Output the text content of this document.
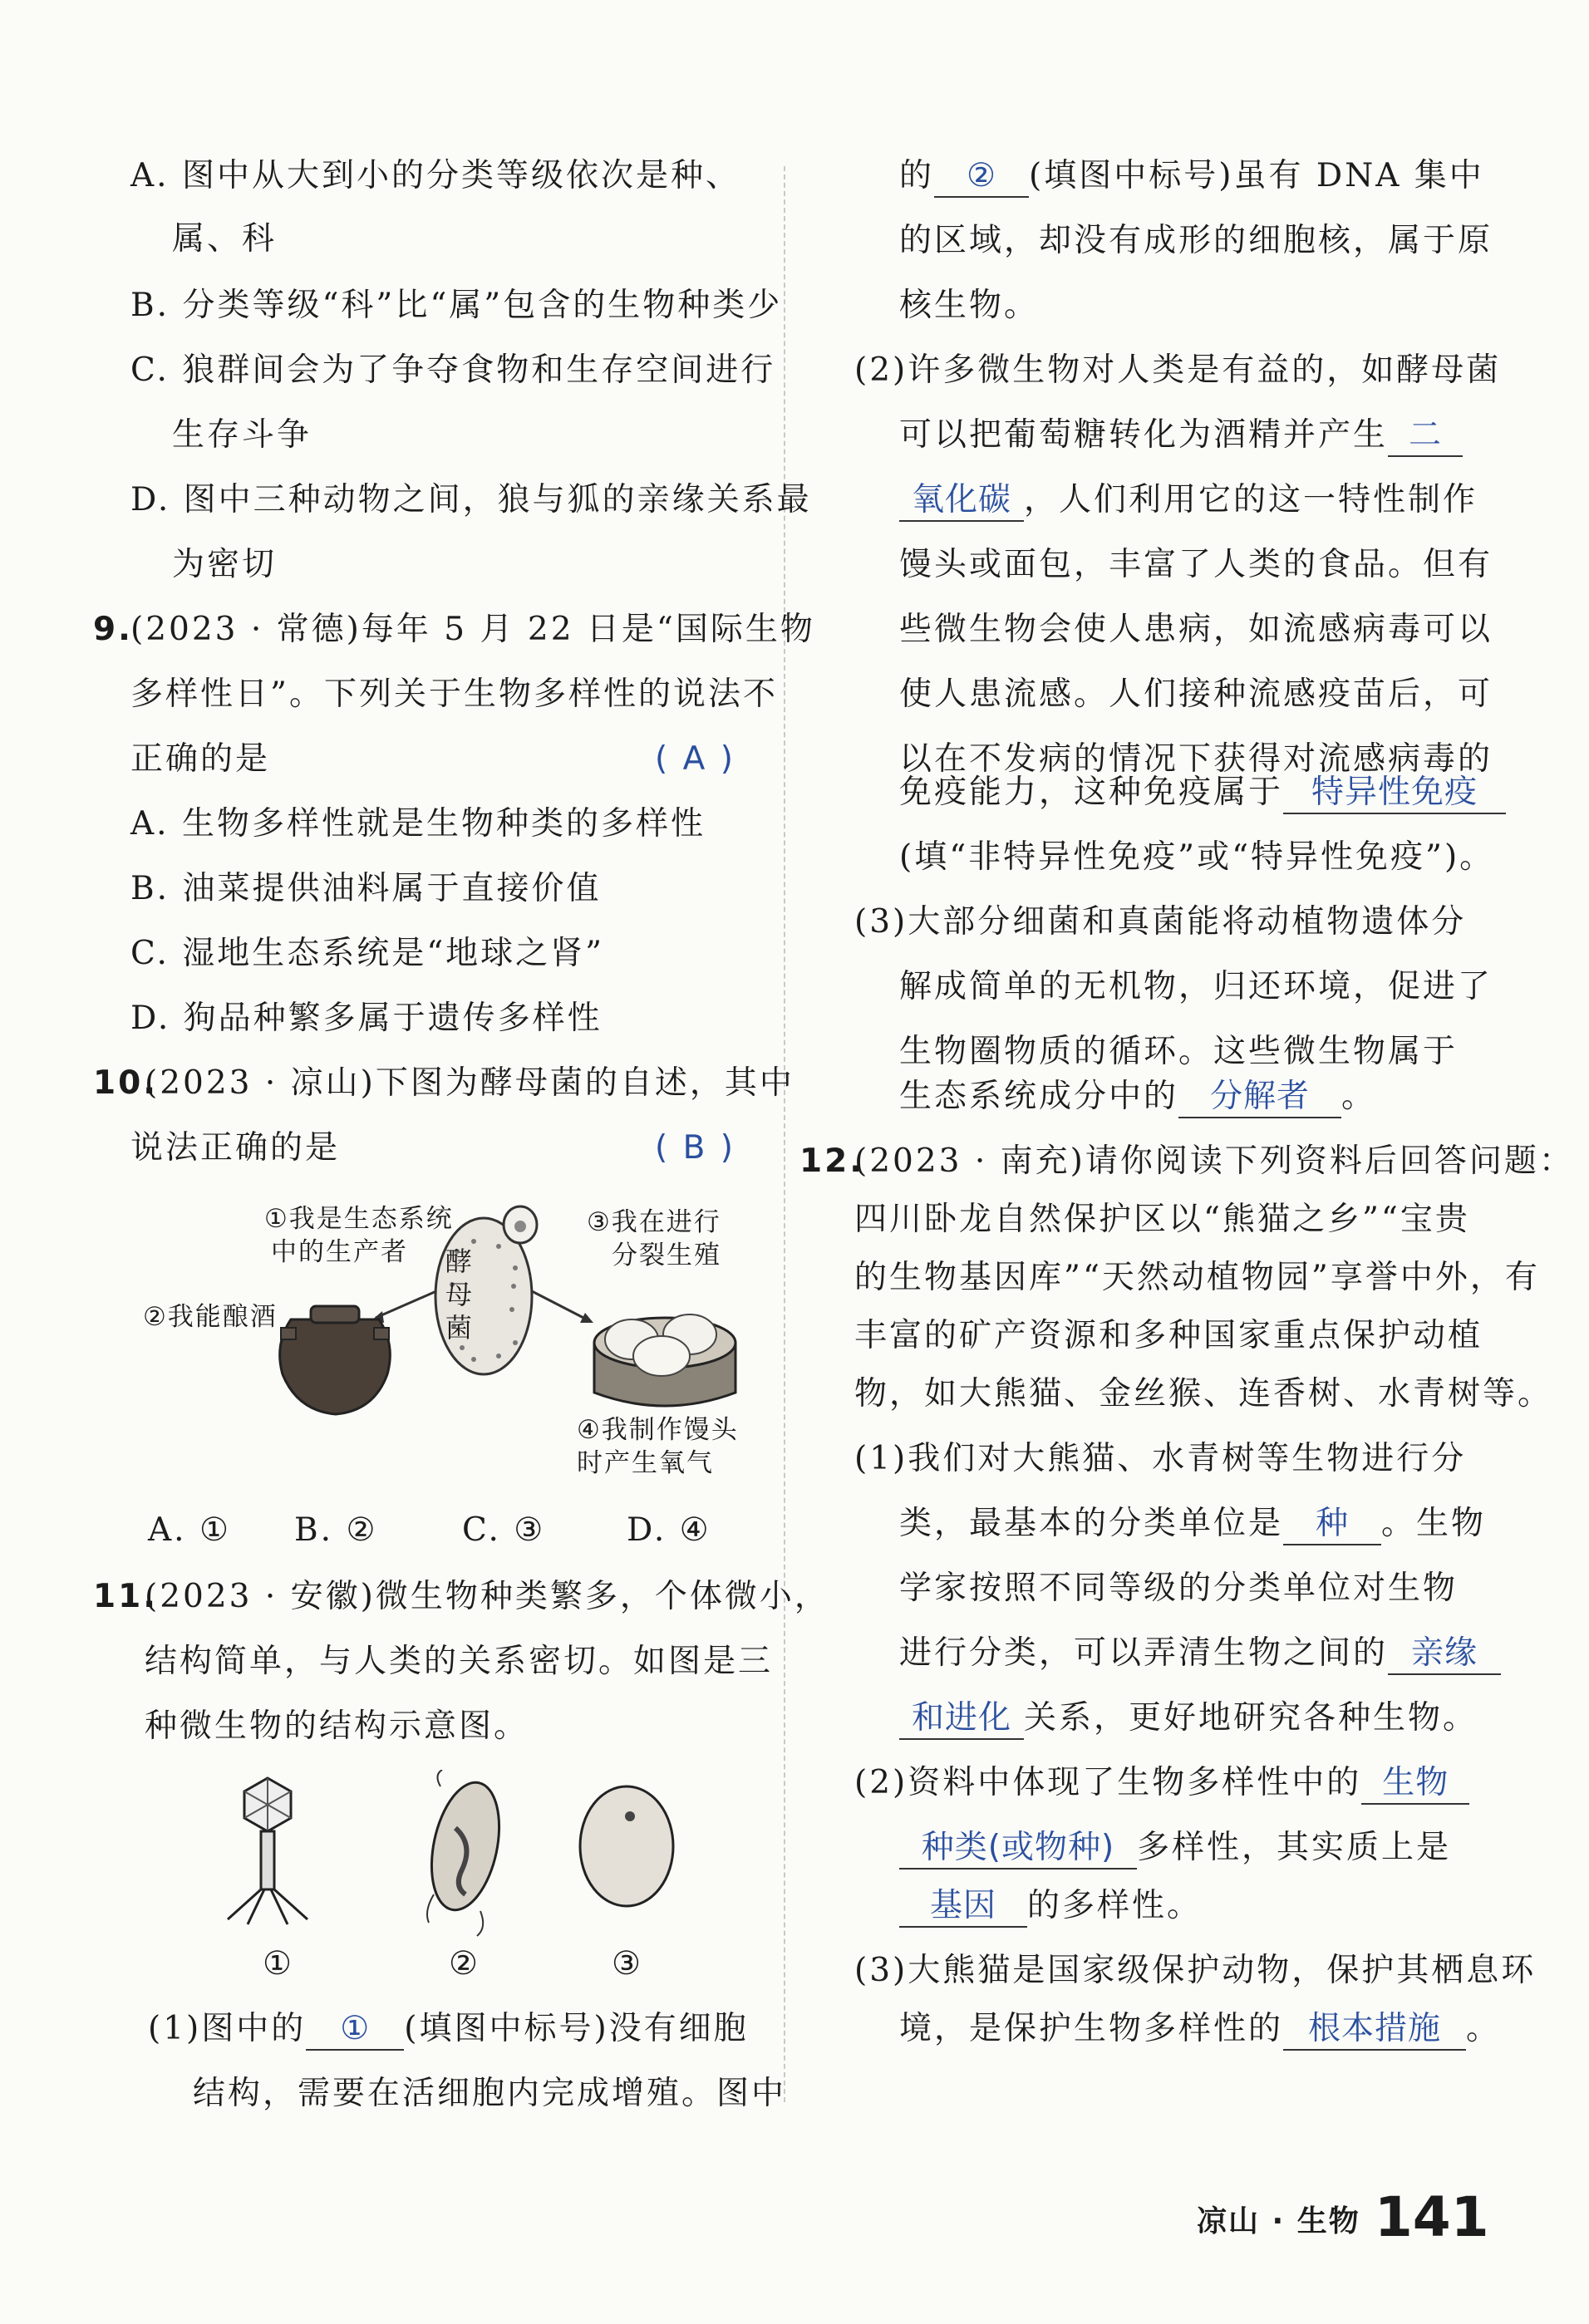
A. 图中从大到小的分类等级依次是种、
属、科
B. 分类等级“科”比“属”包含的生物种类少
C. 狼群间会为了争夺食物和生存空间进行
生存斗争
D. 图中三种动物之间，狼与狐的亲缘关系最
为密切
9.
(2023 · 常德)每年 5 月 22 日是“国际生物
多样性日”。下列关于生物多样性的说法不
正确的是	( A )
A. 生物多样性就是生物种类的多样性
B. 油菜提供油料属于直接价值
C. 湿地生态系统是“地球之肾”
D. 狗品种繁多属于遗传多样性
10.
(2023 · 凉山)下图为酵母菌的自述，其中
说法正确的是	( B )
①我是生态系统
中的生产者
②我能酿酒
③我在进行
分裂生殖
④我制作馒头
时产生氧气
酵
母
菌
A. ① B. ②	C. ③	D. ④
11.
(2023 · 安徽)微生物种类繁多，个体微小，
结构简单，与人类的关系密切。如图是三
种微生物的结构示意图。
①	②	③
(1)图中的 ① (填图中标号)没有细胞
结构，需要在活细胞内完成增殖。图中
的 ② (填图中标号)虽有 DNA 集中
的区域，却没有成形的细胞核，属于原
核生物。
(2)许多微生物对人类是有益的，如酵母菌
可以把葡萄糖转化为酒精并产生 二
氧化碳 ，人们利用它的这一特性制作
馒头或面包，丰富了人类的食品。但有
些微生物会使人患病，如流感病毒可以
使人患流感。人们接种流感疫苗后，可
以在不发病的情况下获得对流感病毒的
免疫能力，这种免疫属于 特异性免疫
(填“非特异性免疫”或“特异性免疫”)。
(3)大部分细菌和真菌能将动植物遗体分
解成简单的无机物，归还环境，促进了
生物圈物质的循环。这些微生物属于
生态系统成分中的 分解者 。
12.
(2023 · 南充)请你阅读下列资料后回答问题：
四川卧龙自然保护区以“熊猫之乡”“宝贵
的生物基因库”“天然动植物园”享誉中外，有
丰富的矿产资源和多种国家重点保护动植
物，如大熊猫、金丝猴、连香树、水青树等。
(1)我们对大熊猫、水青树等生物进行分
类，最基本的分类单位是 种 。生物
学家按照不同等级的分类单位对生物
进行分类，可以弄清生物之间的 亲缘
和进化 关系，更好地研究各种生物。
(2)资料中体现了生物多样性中的 生物
种类(或物种) 多样性，其实质上是
基因 的多样性。
(3)大熊猫是国家级保护动物，保护其栖息环
境，是保护生物多样性的 根本措施 。
凉山 · 生物 141
